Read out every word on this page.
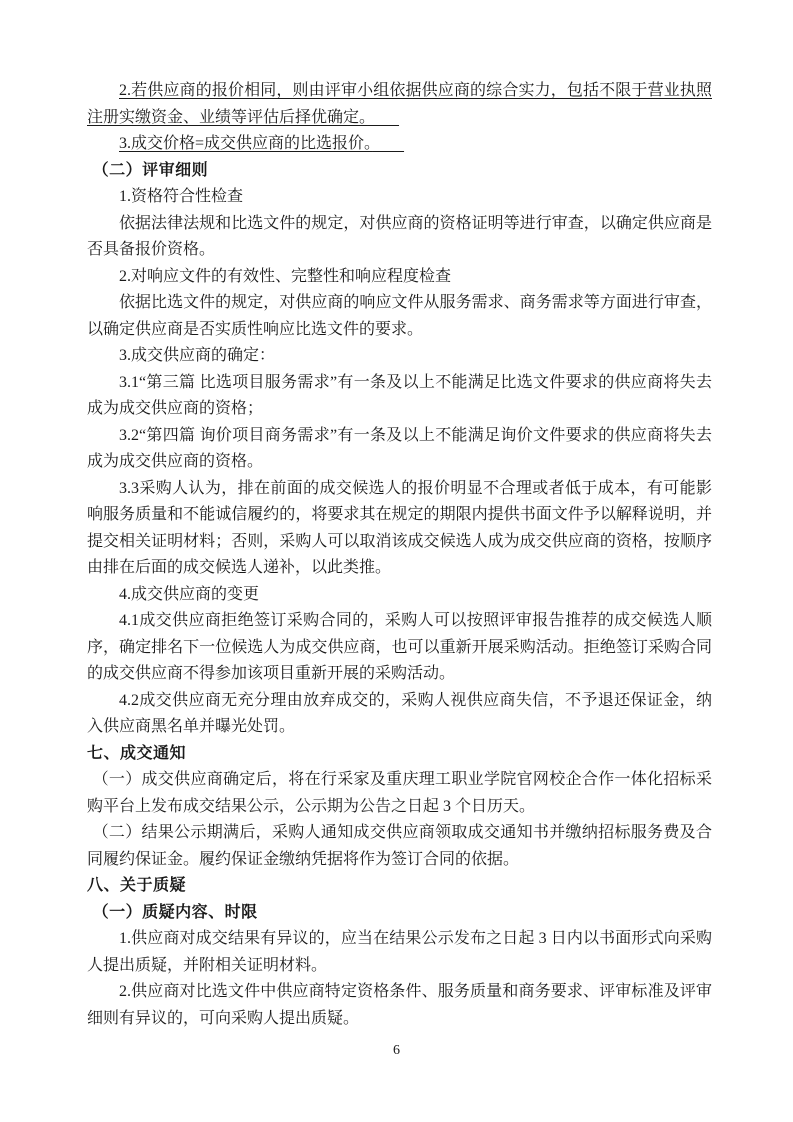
2.若供应商的报价相同，则由评审小组依据供应商的综合实力，包括不限于营业执照注册实缴资金、业绩等评估后择优确定。

3.成交价格=成交供应商的比选报价。

（二）评审细则

1.资格符合性检查

依据法律法规和比选文件的规定，对供应商的资格证明等进行审查，以确定供应商是否具备报价资格。

2.对响应文件的有效性、完整性和响应程度检查

依据比选文件的规定，对供应商的响应文件从服务需求、商务需求等方面进行审查，以确定供应商是否实质性响应比选文件的要求。

3.成交供应商的确定：

3.1“第三篇 比选项目服务需求”有一条及以上不能满足比选文件要求的供应商将失去成为成交供应商的资格；

3.2“第四篇 询价项目商务需求”有一条及以上不能满足询价文件要求的供应商将失去成为成交供应商的资格。

3.3采购人认为，排在前面的成交候选人的报价明显不合理或者低于成本，有可能影响服务质量和不能诚信履约的，将要求其在规定的期限内提供书面文件予以解释说明，并提交相关证明材料；否则，采购人可以取消该成交候选人成为成交供应商的资格，按顺序由排在后面的成交候选人递补，以此类推。

4.成交供应商的变更

4.1成交供应商拒绝签订采购合同的，采购人可以按照评审报告推荐的成交候选人顺序，确定排名下一位候选人为成交供应商，也可以重新开展采购活动。拒绝签订采购合同的成交供应商不得参加该项目重新开展的采购活动。

4.2成交供应商无充分理由放弃成交的，采购人视供应商失信，不予退还保证金，纳入供应商黑名单并曝光处罚。

七、成交通知

（一）成交供应商确定后，将在行采家及重庆理工职业学院官网校企合作一体化招标采购平台上发布成交结果公示，公示期为公告之日起 3 个日历天。

（二）结果公示期满后，采购人通知成交供应商领取成交通知书并缴纳招标服务费及合同履约保证金。履约保证金缴纳凭据将作为签订合同的依据。

八、关于质疑

（一）质疑内容、时限

1.供应商对成交结果有异议的，应当在结果公示发布之日起 3 日内以书面形式向采购人提出质疑，并附相关证明材料。

2.供应商对比选文件中供应商特定资格条件、服务质量和商务要求、评审标准及评审细则有异议的，可向采购人提出质疑。

6
